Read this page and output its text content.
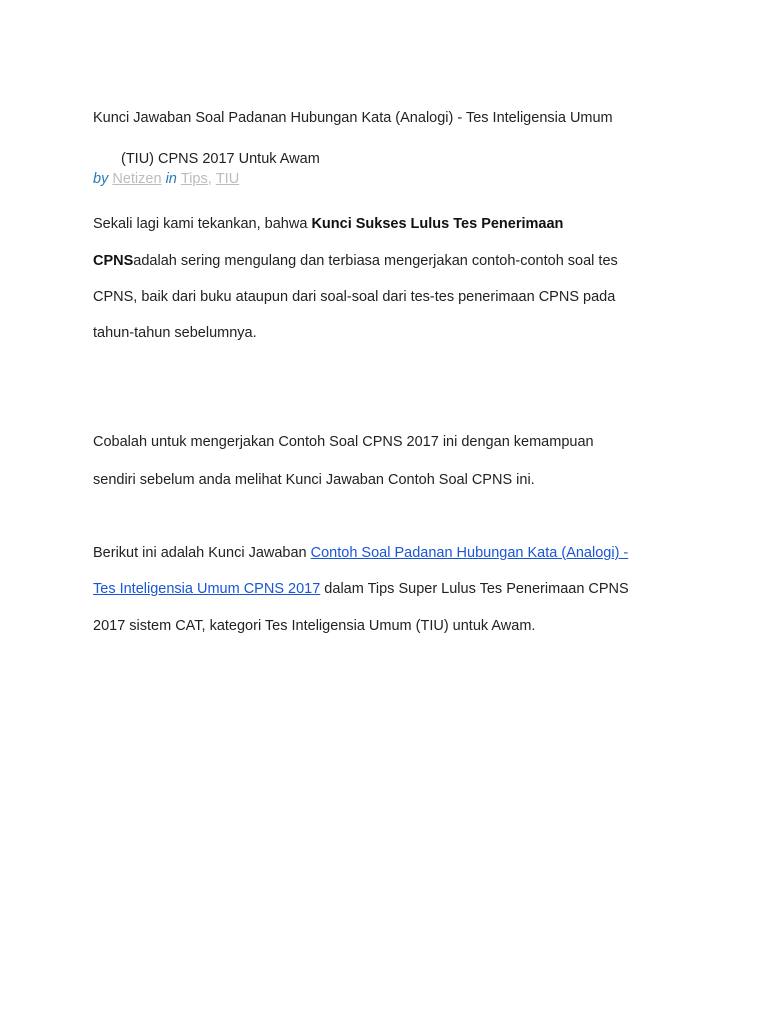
Kunci Jawaban Soal Padanan Hubungan Kata (Analogi) - Tes Inteligensia Umum
(TIU) CPNS 2017 Untuk Awam
by Netizen in Tips, TIU
Sekali lagi kami tekankan, bahwa Kunci Sukses Lulus Tes Penerimaan
CPNSadalah sering mengulang dan terbiasa mengerjakan contoh-contoh soal tes
CPNS, baik dari buku ataupun dari soal-soal dari tes-tes penerimaan CPNS pada
tahun-tahun sebelumnya.
Cobalah untuk mengerjakan Contoh Soal CPNS 2017 ini dengan kemampuan
sendiri sebelum anda melihat Kunci Jawaban Contoh Soal CPNS ini.
Berikut ini adalah Kunci Jawaban Contoh Soal Padanan Hubungan Kata (Analogi) -
Tes Inteligensia Umum CPNS 2017 dalam Tips Super Lulus Tes Penerimaan CPNS
2017 sistem CAT, kategori Tes Inteligensia Umum (TIU) untuk Awam.
